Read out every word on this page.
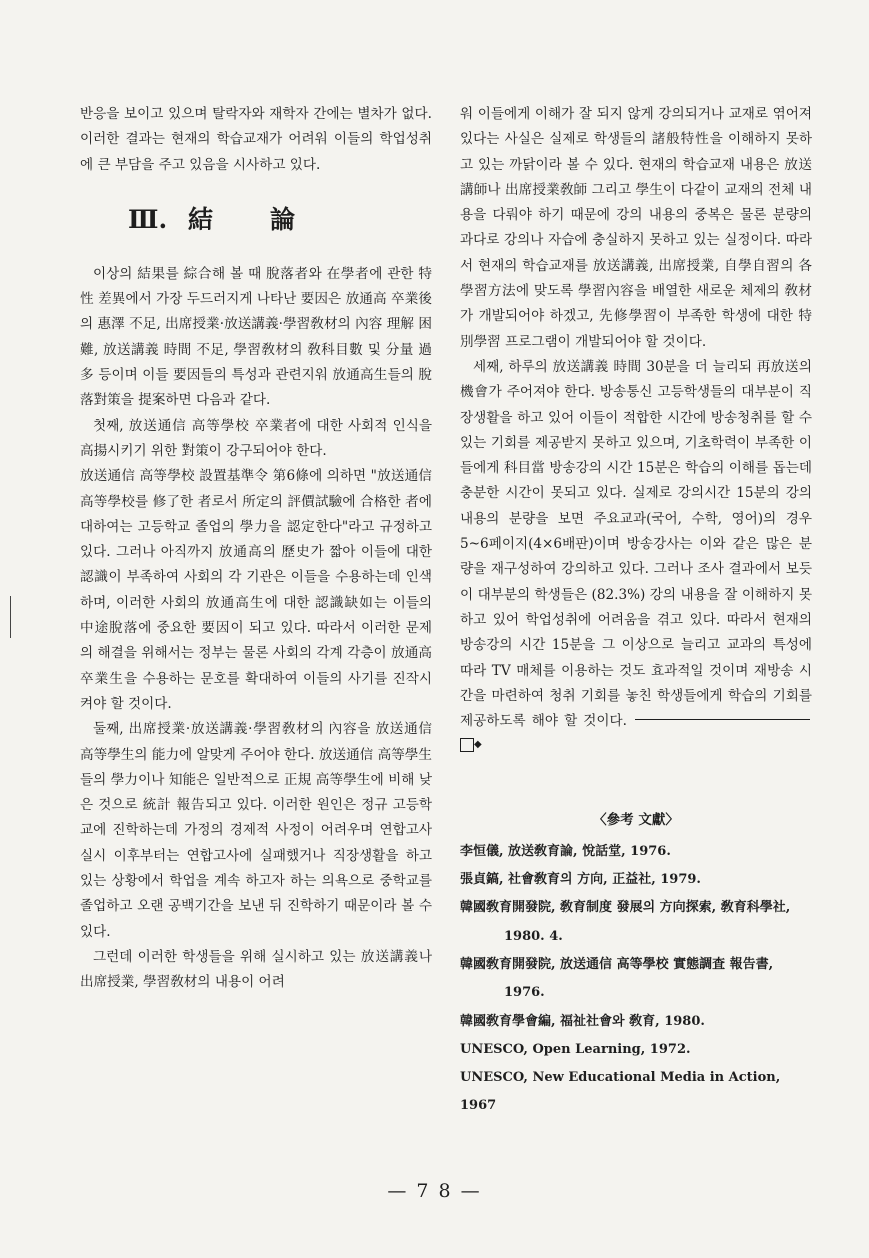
반응을 보이고 있으며 탈락자와 재학자 간에는 별차가 없다. 이러한 결과는 현재의 학습교재가 어려워 이들의 학업성취에 큰 부담을 주고 있음을 시사하고 있다.

Ⅲ. 結	論

이상의 結果를 綜合해 볼 때 脫落者와 在學者에 관한 特性 差異에서 가장 두드러지게 나타난 要因은 放通高 卒業後의 惠澤 不足, 出席授業·放送講義·學習敎材의 內容 理解 困難, 放送講義 時間 不足, 學習敎材의 敎科目數 및 分量 過多 등이며 이들 要因들의 특성과 관련지워 放通高生들의 脫落對策을 提案하면 다음과 같다.

첫째, 放送通信 高等學校 卒業者에 대한 사회적 인식을 高揚시키기 위한 對策이 강구되어야 한다.

放送通信 高等學校 設置基準令 第6條에 의하면 "放送通信 高等學校를 修了한 者로서 所定의 評價試驗에 合格한 者에 대하여는 고등학교 졸업의 學力을 認定한다"라고 규정하고 있다. 그러나 아직까지 放通高의 歷史가 짧아 이들에 대한 認識이 부족하여 사회의 각 기관은 이들을 수용하는데 인색하며, 이러한 사회의 放通高生에 대한 認識缺如는 이들의 中途脫落에 중요한 要因이 되고 있다. 따라서 이러한 문제의 해결을 위해서는 정부는 물론 사회의 각계 각층이 放通高 卒業生을 수용하는 문호를 확대하여 이들의 사기를 진작시켜야 할 것이다.

둘째, 出席授業·放送講義·學習敎材의 內容을 放送通信 高等學生의 能力에 알맞게 주어야 한다. 放送通信 高等學生들의 學力이나 知能은 일반적으로 正規 高等學生에 비해 낮은 것으로 統計 報告되고 있다. 이러한 원인은 정규 고등학교에 진학하는데 가정의 경제적 사정이 어려우며 연합고사 실시 이후부터는 연합고사에 실패했거나 직장생활을 하고 있는 상황에서 학업을 계속 하고자 하는 의욕으로 중학교를 졸업하고 오랜 공백기간을 보낸 뒤 진학하기 때문이라 볼 수 있다.

그런데 이러한 학생들을 위해 실시하고 있는 放送講義나 出席授業, 學習敎材의 내용이 어려

워 이들에게 이해가 잘 되지 않게 강의되거나 교재로 엮어져 있다는 사실은 실제로 학생들의 諸般特性을 이해하지 못하고 있는 까닭이라 볼 수 있다. 현재의 학습교재 내용은 放送講師나 出席授業敎師 그리고 學生이 다같이 교재의 전체 내용을 다뤄야 하기 때문에 강의 내용의 중복은 물론 분량의 과다로 강의나 자습에 충실하지 못하고 있는 실정이다. 따라서 현재의 학습교재를 放送講義, 出席授業, 自學自習의 各 學習方法에 맞도록 學習內容을 배열한 새로운 체제의 敎材가 개발되어야 하겠고, 先修學習이 부족한 학생에 대한 特別學習 프로그램이 개발되어야 할 것이다.

세째, 하루의 放送講義 時間 30분을 더 늘리되 再放送의 機會가 주어져야 한다. 방송통신 고등학생들의 대부분이 직장생활을 하고 있어 이들이 적합한 시간에 방송청취를 할 수 있는 기회를 제공받지 못하고 있으며, 기초학력이 부족한 이들에게 科目當 방송강의 시간 15분은 학습의 이해를 돕는데 충분한 시간이 못되고 있다. 실제로 강의시간 15분의 강의내용의 분량을 보면 주요교과(국어, 수학, 영어)의 경우 5~6페이지(4×6배판)이며 방송강사는 이와 같은 많은 분량을 재구성하여 강의하고 있다. 그러나 조사 결과에서 보듯이 대부분의 학생들은 (82.3%) 강의 내용을 잘 이해하지 못하고 있어 학업성취에 어려움을 겪고 있다. 따라서 현재의 방송강의 시간 15분을 그 이상으로 늘리고 교과의 특성에 따라 TV 매체를 이용하는 것도 효과적일 것이며 재방송 시간을 마련하여 청취 기회를 놓친 학생들에게 학습의 기회를 제공하도록 해야 할 것이다.◆

〈參考 文獻〉

李恒儀, 放送敎育論, 悅話堂, 1976.

張貞鎬, 社會敎育의 方向, 正益社, 1979.

韓國敎育開發院, 敎育制度 發展의 方向探索, 敎育科學社, 1980. 4.

韓國敎育開發院, 放送通信 高等學校 實態調査 報告書, 1976.

韓國敎育學會編, 福祉社會와 敎育, 1980.

UNESCO, Open Learning, 1972.

UNESCO, New Educational Media in Action, 1967

— 7 8 —
